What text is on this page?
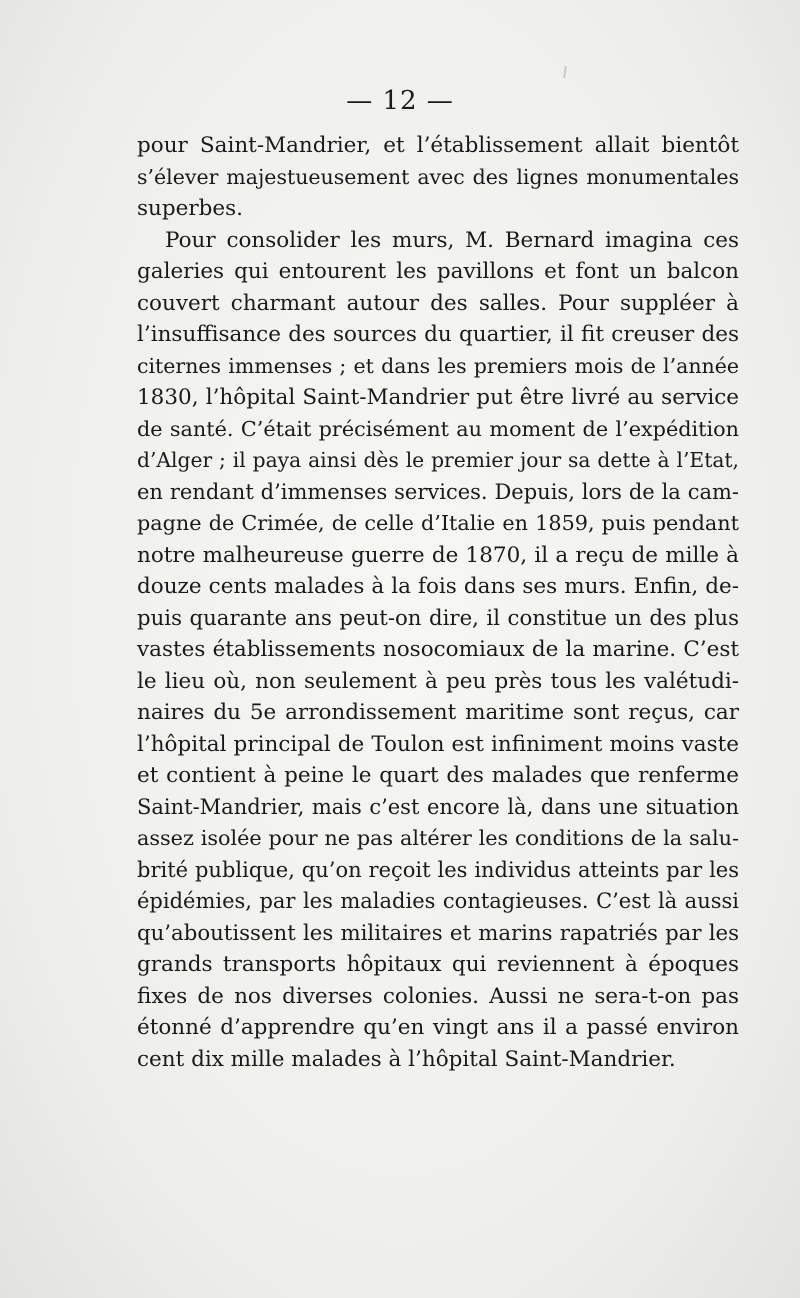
— 12 —
pour Saint-Mandrier, et l’établissement allait bientôt
s’élever majestueusement avec des lignes monumentales
superbes.
Pour consolider les murs, M. Bernard imagina ces
galeries qui entourent les pavillons et font un balcon
couvert charmant autour des salles. Pour suppléer à
l’insuffisance des sources du quartier, il fit creuser des
citernes immenses ; et dans les premiers mois de l’année
1830, l’hôpital Saint-Mandrier put être livré au service
de santé. C’était précisément au moment de l’expédition
d’Alger ; il paya ainsi dès le premier jour sa dette à l’Etat,
en rendant d’immenses services. Depuis, lors de la cam-
pagne de Crimée, de celle d’Italie en 1859, puis pendant
notre malheureuse guerre de 1870, il a reçu de mille à
douze cents malades à la fois dans ses murs. Enfin, de-
puis quarante ans peut-on dire, il constitue un des plus
vastes établissements nosocomiaux de la marine. C’est
le lieu où, non seulement à peu près tous les valétudi-
naires du 5e arrondissement maritime sont reçus, car
l’hôpital principal de Toulon est infiniment moins vaste
et contient à peine le quart des malades que renferme
Saint-Mandrier, mais c’est encore là, dans une situation
assez isolée pour ne pas altérer les conditions de la salu-
brité publique, qu’on reçoit les individus atteints par les
épidémies, par les maladies contagieuses. C’est là aussi
qu’aboutissent les militaires et marins rapatriés par les
grands transports hôpitaux qui reviennent à époques
fixes de nos diverses colonies. Aussi ne sera-t-on pas
étonné d’apprendre qu’en vingt ans il a passé environ
cent dix mille malades à l’hôpital Saint-Mandrier.
